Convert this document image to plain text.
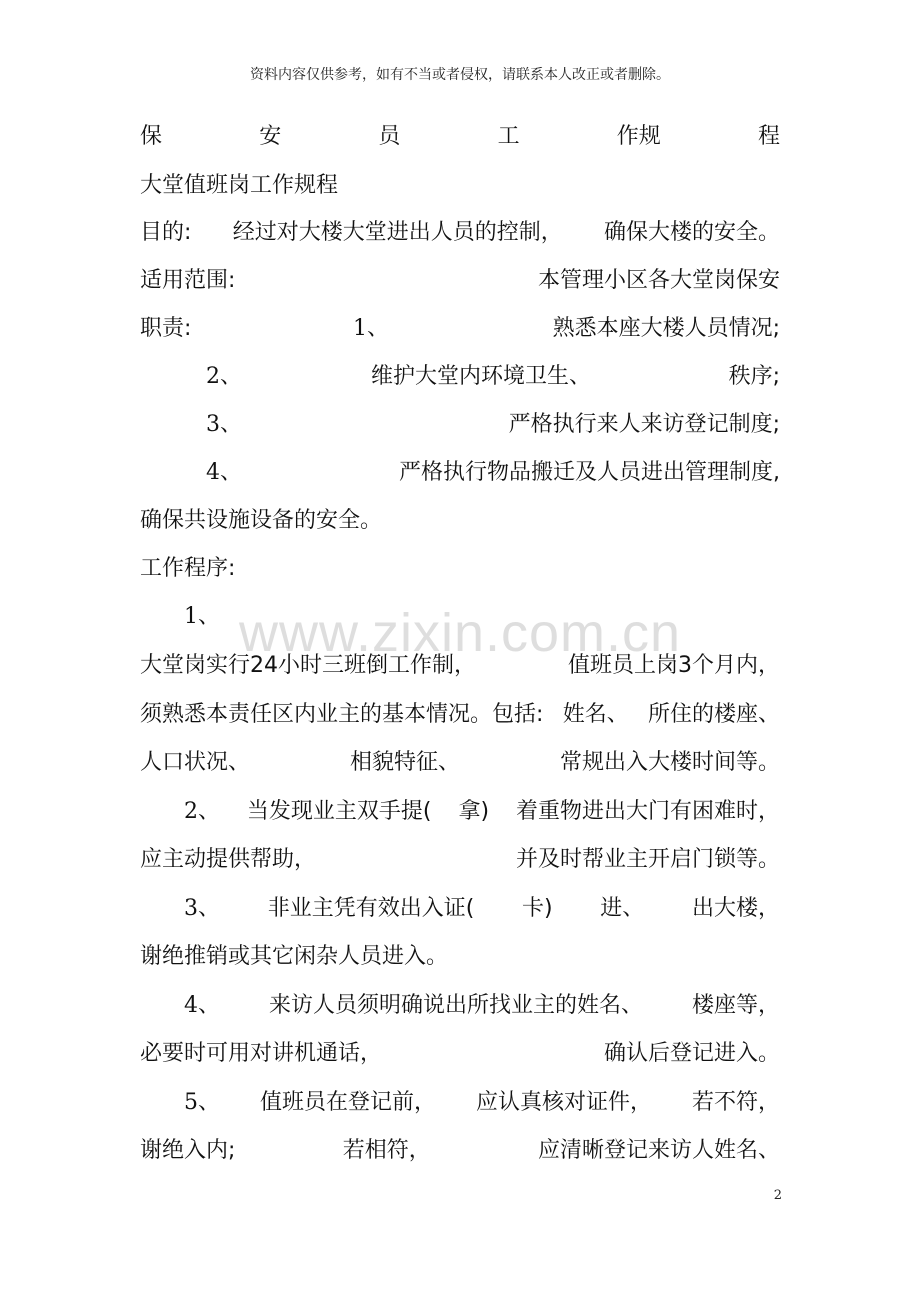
资料内容仅供参考，如有不当或者侵权，请联系本人改正或者删除。
保	安	员	工	作规	程
大堂值班岗工作规程
目的: 经过对大楼大堂进出人员的控制， 确保大楼的安全。
适用范围:	本管理小区各大堂岗保安
职责:	1、	熟悉本座大楼人员情况;
2、	维护大堂内环境卫生、	秩序;
3、	严格执行来人来访登记制度;
4、	严格执行物品搬迁及人员进出管理制度,
确保共设施设备的安全。
工作程序:
1、
大堂岗实行24小时三班倒工作制，	值班员上岗3个月内，
须熟悉本责任区内业主的基本情况。包括: 姓名、 所住的楼座、
人口状况、	相貌特征、	常规出入大楼时间等。
2、 当发现业主双手提( 拿) 着重物进出大门有困难时，
应主动提供帮助，	并及时帮业主开启门锁等。
3、 非业主凭有效出入证( 卡) 进、 出大楼，
谢绝推销或其它闲杂人员进入。
4、 来访人员须明确说出所找业主的姓名、 楼座等，
必要时可用对讲机通话，	确认后登记进入。
5、 值班员在登记前， 应认真核对证件， 若不符，
谢绝入内;	若相符，	应清晰登记来访人姓名、
www.zixin.com.cn
2
